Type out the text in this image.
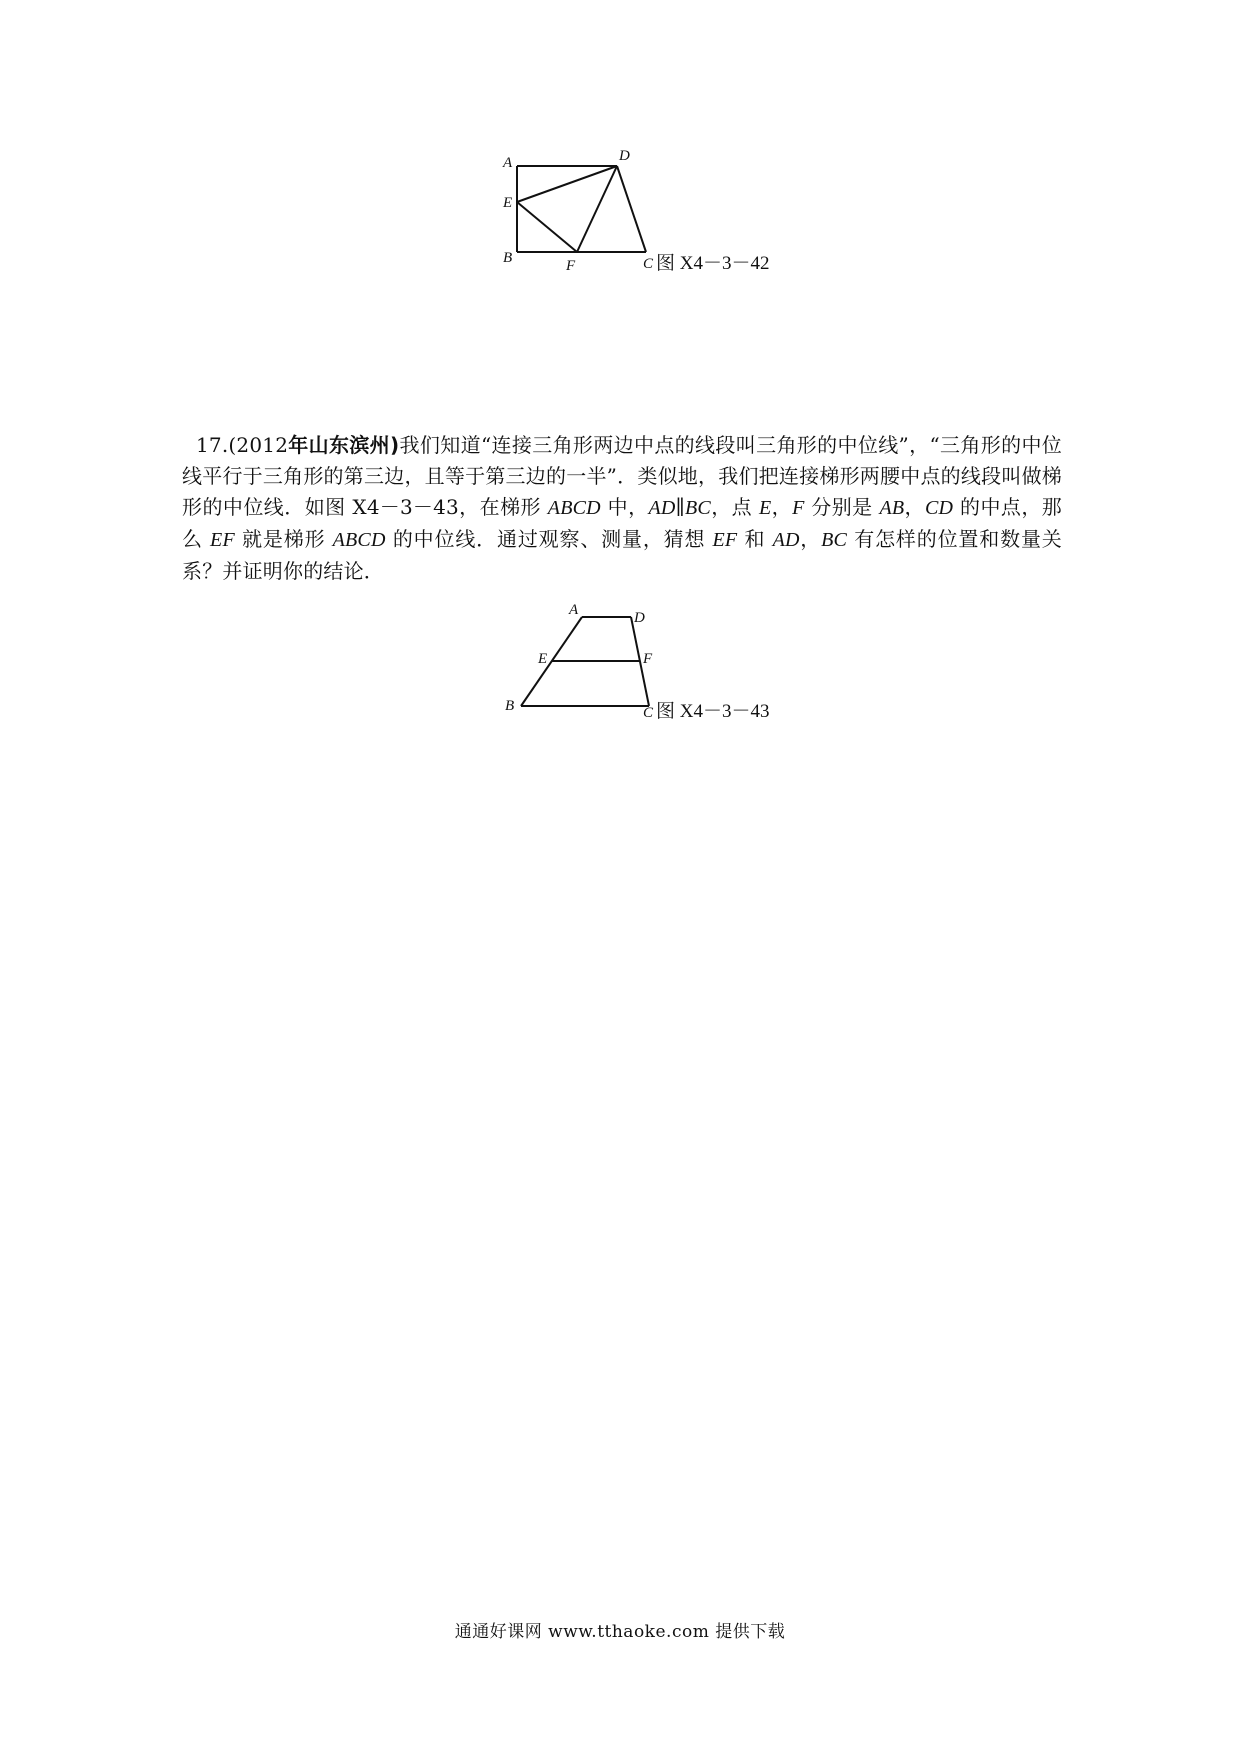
A	D
E
B	F	C 图 X4－3－42
17.(2012年山东滨州)我们知道“连接三角形两边中点的线段叫三角形的中位线”，“三角形的中位线平行于三角形的第三边，且等于第三边的一半”．类似地，我们把连接梯形两腰中点的线段叫做梯形的中位线．如图 X4－3－43，在梯形 ABCD 中，AD∥BC，点 E，F 分别是 AB，CD 的中点，那么 EF 就是梯形 ABCD 的中位线．通过观察、测量，猜想 EF 和 AD，BC 有怎样的位置和数量关系？并证明你的结论．
A	D
E	F
B	C 图 X4－3－43
通通好课网 www.tthaoke.com 提供下载
